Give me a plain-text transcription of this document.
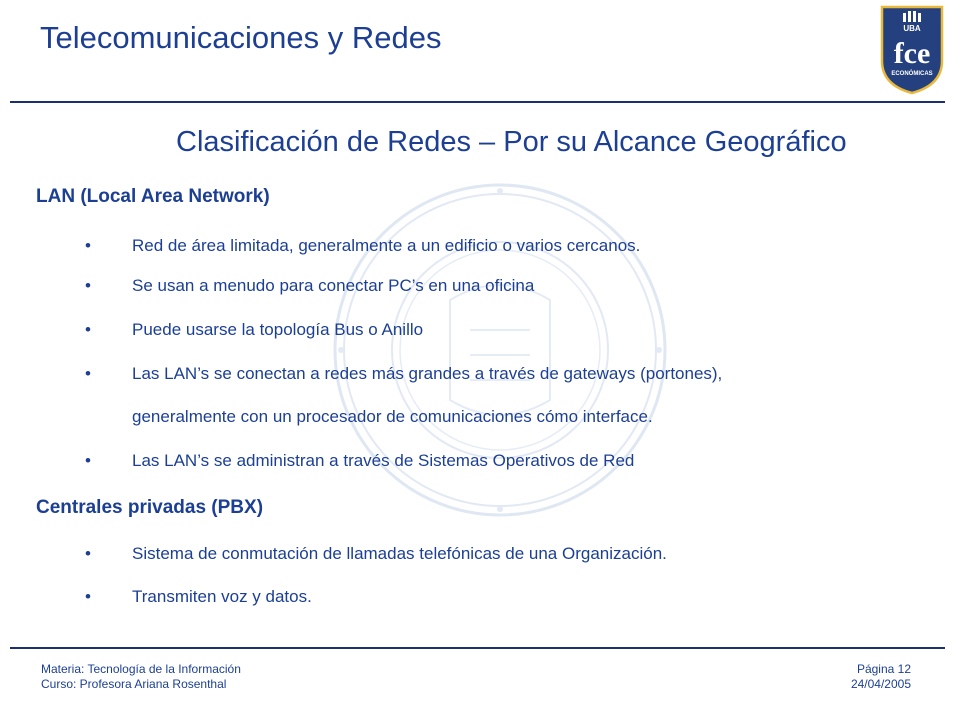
Telecomunicaciones y Redes	UBA
fce
ECONÓMICAS
Clasificación de Redes – Por su Alcance Geográfico
LAN (Local Area Network)
• Red de área limitada, generalmente a un edificio o varios cercanos.
• Se usan a menudo para conectar PC’s en una oficina
• Puede usarse la topología Bus o Anillo
• Las LAN’s se conectan a redes más grandes a través de gateways (portones),
generalmente con un procesador de comunicaciones cómo interface.
• Las LAN’s se administran a través de Sistemas Operativos de Red
Centrales privadas (PBX)
• Sistema de conmutación de llamadas telefónicas de una Organización.
• Transmiten voz y datos.
Materia: Tecnología de la Información
Curso: Profesora Ariana Rosenthal
Página 12
24/04/2005
